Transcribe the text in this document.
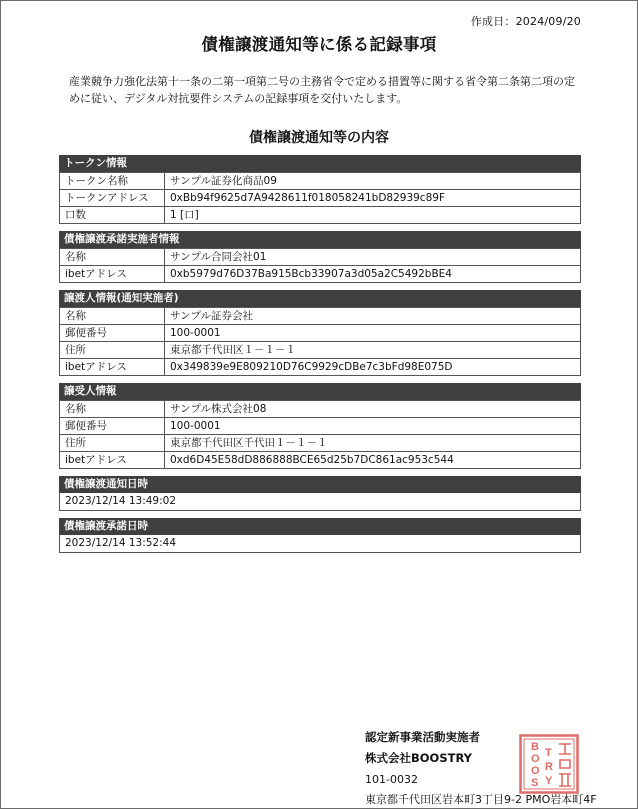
作成日：2024/09/20
債権譲渡通知等に係る記録事項
産業競争力強化法第十一条の二第一項第二号の主務省令で定める措置等に関する省令第二条第二項の定めに従い、デジタル対抗要件システムの記録事項を交付いたします。
債権譲渡通知等の内容
トークン情報
トークン名称	サンプル証券化商品09
トークンアドレス	0xBb94f9625d7A9428611f018058241bD82939c89F
口数	1 [口]
債権譲渡承諾実施者情報
名称	サンプル合同会社01
ibetアドレス	0xb5979d76D37Ba915Bcb33907a3d05a2C5492bBE4
譲渡人情報(通知実施者)
名称	サンプル証券会社
郵便番号	100-0001
住所	東京都千代田区１－１－１
ibetアドレス	0x349839e9E809210D76C9929cDBe7c3bFd98E075D
譲受人情報
名称	サンプル株式会社08
郵便番号	100-0001
住所	東京都千代田区千代田１－１－１
ibetアドレス	0xd6D45E58dD886888BCE65d25b7DC861ac953c544
債権譲渡通知日時
2023/12/14 13:49:02
債権譲渡承諾日時
2023/12/14 13:52:44
認定新事業活動実施者
株式会社BOOSTRY
101-0032
東京都千代田区岩本町3丁目9-2 PMO岩本町4F
B
O
O
S
T
R
Y
